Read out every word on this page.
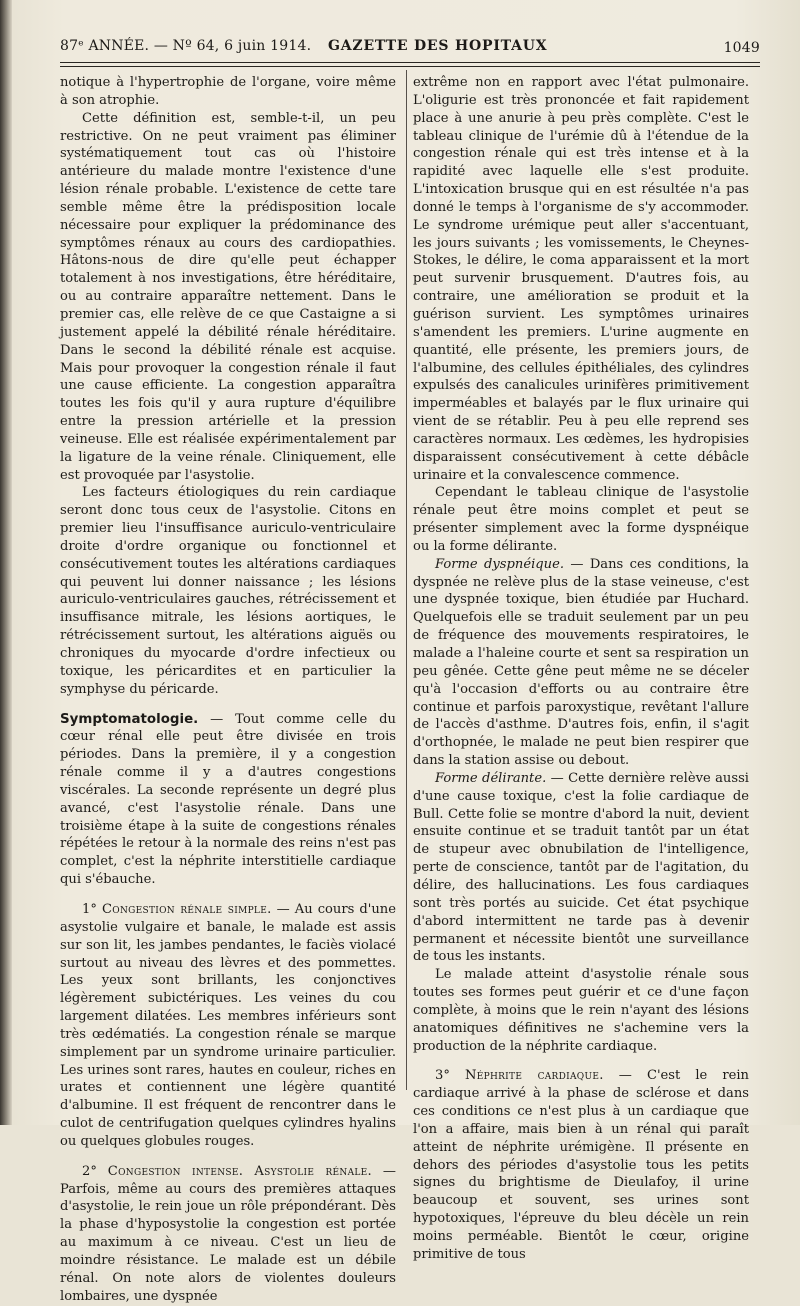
87ᵉ ANNÉE. — Nº 64, 6 juin 1914. GAZETTE DES HOPITAUX	1049

notique à l'hypertrophie de l'organe, voire même à son atrophie.

Cette définition est, semble-t-il, un peu restrictive. On ne peut vraiment pas éliminer systématiquement tout cas où l'histoire antérieure du malade montre l'existence d'une lésion rénale probable. L'existence de cette tare semble même être la prédisposition locale nécessaire pour expliquer la prédominance des symptômes rénaux au cours des cardiopathies. Hâtons-nous de dire qu'elle peut échapper totalement à nos investigations, être héréditaire, ou au contraire apparaître nettement. Dans le premier cas, elle relève de ce que Castaigne a si justement appelé la débilité rénale héréditaire. Dans le second la débilité rénale est acquise. Mais pour provoquer la congestion rénale il faut une cause efficiente. La congestion apparaîtra toutes les fois qu'il y aura rupture d'équilibre entre la pression artérielle et la pression veineuse. Elle est réalisée expérimentalement par la ligature de la veine rénale. Cliniquement, elle est provoquée par l'asystolie.

Les facteurs étiologiques du rein cardiaque seront donc tous ceux de l'asystolie. Citons en premier lieu l'insuffisance auriculo-ventriculaire droite d'ordre organique ou fonctionnel et consécutivement toutes les altérations cardiaques qui peuvent lui donner naissance ; les lésions auriculo-ventriculaires gauches, rétrécissement et insuffisance mitrale, les lésions aortiques, le rétrécissement surtout, les altérations aiguës ou chroniques du myocarde d'ordre infectieux ou toxique, les péricardites et en particulier la symphyse du péricarde.

Symptomatologie. — Tout comme celle du cœur rénal elle peut être divisée en trois périodes. Dans la première, il y a congestion rénale comme il y a d'autres congestions viscérales. La seconde représente un degré plus avancé, c'est l'asystolie rénale. Dans une troisième étape à la suite de congestions rénales répétées le retour à la normale des reins n'est pas complet, c'est la néphrite interstitielle cardiaque qui s'ébauche.

1° Congestion rénale simple. — Au cours d'une asystolie vulgaire et banale, le malade est assis sur son lit, les jambes pendantes, le faciès violacé surtout au niveau des lèvres et des pommettes. Les yeux sont brillants, les conjonctives légèrement subictériques. Les veines du cou largement dilatées. Les membres inférieurs sont très œdématiés. La congestion rénale se marque simplement par un syndrome urinaire particulier. Les urines sont rares, hautes en couleur, riches en urates et contiennent une légère quantité d'albumine. Il est fréquent de rencontrer dans le culot de centrifugation quelques cylindres hyalins ou quelques globules rouges.

2° Congestion intense. Asystolie rénale. — Parfois, même au cours des premières attaques d'asystolie, le rein joue un rôle prépondérant. Dès la phase d'hyposystolie la congestion est portée au maximum à ce niveau. C'est un lieu de moindre résistance. Le malade est un débile rénal. On note alors de violentes douleurs lombaires, une dyspnée

extrême non en rapport avec l'état pulmonaire. L'oligurie est très prononcée et fait rapidement place à une anurie à peu près complète. C'est le tableau clinique de l'urémie dû à l'étendue de la congestion rénale qui est très intense et à la rapidité avec laquelle elle s'est produite. L'intoxication brusque qui en est résultée n'a pas donné le temps à l'organisme de s'y accommoder. Le syndrome urémique peut aller s'accentuant, les jours suivants ; les vomissements, le Cheynes-Stokes, le délire, le coma apparaissent et la mort peut survenir brusquement. D'autres fois, au contraire, une amélioration se produit et la guérison survient. Les symptômes urinaires s'amendent les premiers. L'urine augmente en quantité, elle présente, les premiers jours, de l'albumine, des cellules épithéliales, des cylindres expulsés des canalicules urinifères primitivement imperméables et balayés par le flux urinaire qui vient de se rétablir. Peu à peu elle reprend ses caractères normaux. Les œdèmes, les hydropisies disparaissent consécutivement à cette débâcle urinaire et la convalescence commence.

Cependant le tableau clinique de l'asystolie rénale peut être moins complet et peut se présenter simplement avec la forme dyspnéique ou la forme délirante.

Forme dyspnéique. — Dans ces conditions, la dyspnée ne relève plus de la stase veineuse, c'est une dyspnée toxique, bien étudiée par Huchard. Quelquefois elle se traduit seulement par un peu de fréquence des mouvements respiratoires, le malade a l'haleine courte et sent sa respiration un peu gênée. Cette gêne peut même ne se déceler qu'à l'occasion d'efforts ou au contraire être continue et parfois paroxystique, revêtant l'allure de l'accès d'asthme. D'autres fois, enfin, il s'agit d'orthopnée, le malade ne peut bien respirer que dans la station assise ou debout.

Forme délirante. — Cette dernière relève aussi d'une cause toxique, c'est la folie cardiaque de Bull. Cette folie se montre d'abord la nuit, devient ensuite continue et se traduit tantôt par un état de stupeur avec obnubilation de l'intelligence, perte de conscience, tantôt par de l'agitation, du délire, des hallucinations. Les fous cardiaques sont très portés au suicide. Cet état psychique d'abord intermittent ne tarde pas à devenir permanent et nécessite bientôt une surveillance de tous les instants.

Le malade atteint d'asystolie rénale sous toutes ses formes peut guérir et ce d'une façon complète, à moins que le rein n'ayant des lésions anatomiques définitives ne s'achemine vers la production de la néphrite cardiaque.

3° Néphrite cardiaque. — C'est le rein cardiaque arrivé à la phase de sclérose et dans ces conditions ce n'est plus à un cardiaque que l'on a affaire, mais bien à un rénal qui paraît atteint de néphrite urémigène. Il présente en dehors des périodes d'asystolie tous les petits signes du brightisme de Dieulafoy, il urine beaucoup et souvent, ses urines sont hypotoxiques, l'épreuve du bleu décèle un rein moins perméable. Bientôt le cœur, origine primitive de tous
